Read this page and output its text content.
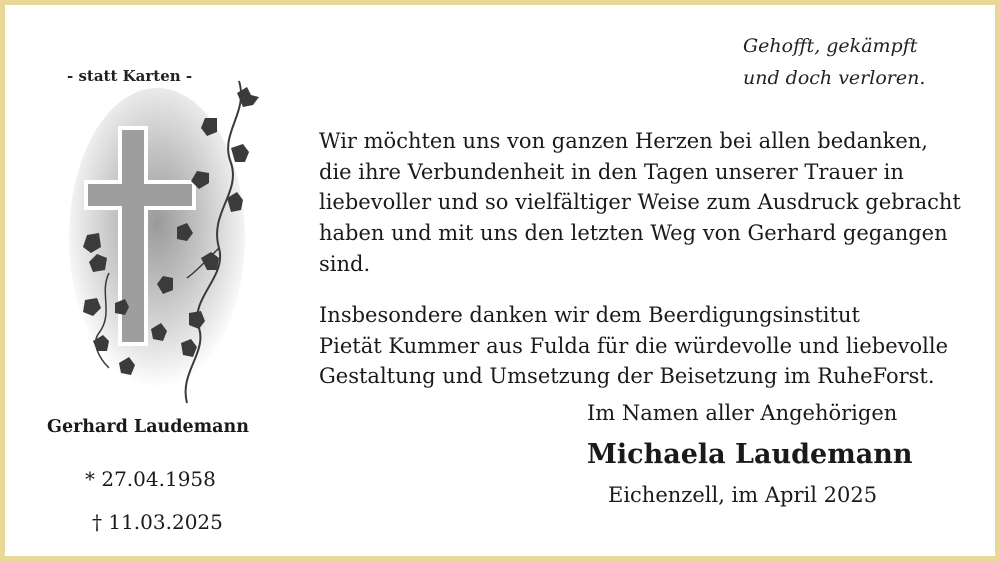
- statt Karten -
Gerhard Laudemann
* 27.04.1958
† 11.03.2025
Gehofft, gekämpft
und doch verloren.
Wir möchten uns von ganzen Herzen bei allen bedanken,
die ihre Verbundenheit in den Tagen unserer Trauer in
liebevoller und so vielfältiger Weise zum Ausdruck gebracht
haben und mit uns den letzten Weg von Gerhard gegangen
sind.
Insbesondere danken wir dem Beerdigungsinstitut
Pietät Kummer aus Fulda für die würdevolle und liebevolle
Gestaltung und Umsetzung der Beisetzung im RuheForst.
Im Namen aller Angehörigen
Michaela Laudemann
Eichenzell, im April 2025
